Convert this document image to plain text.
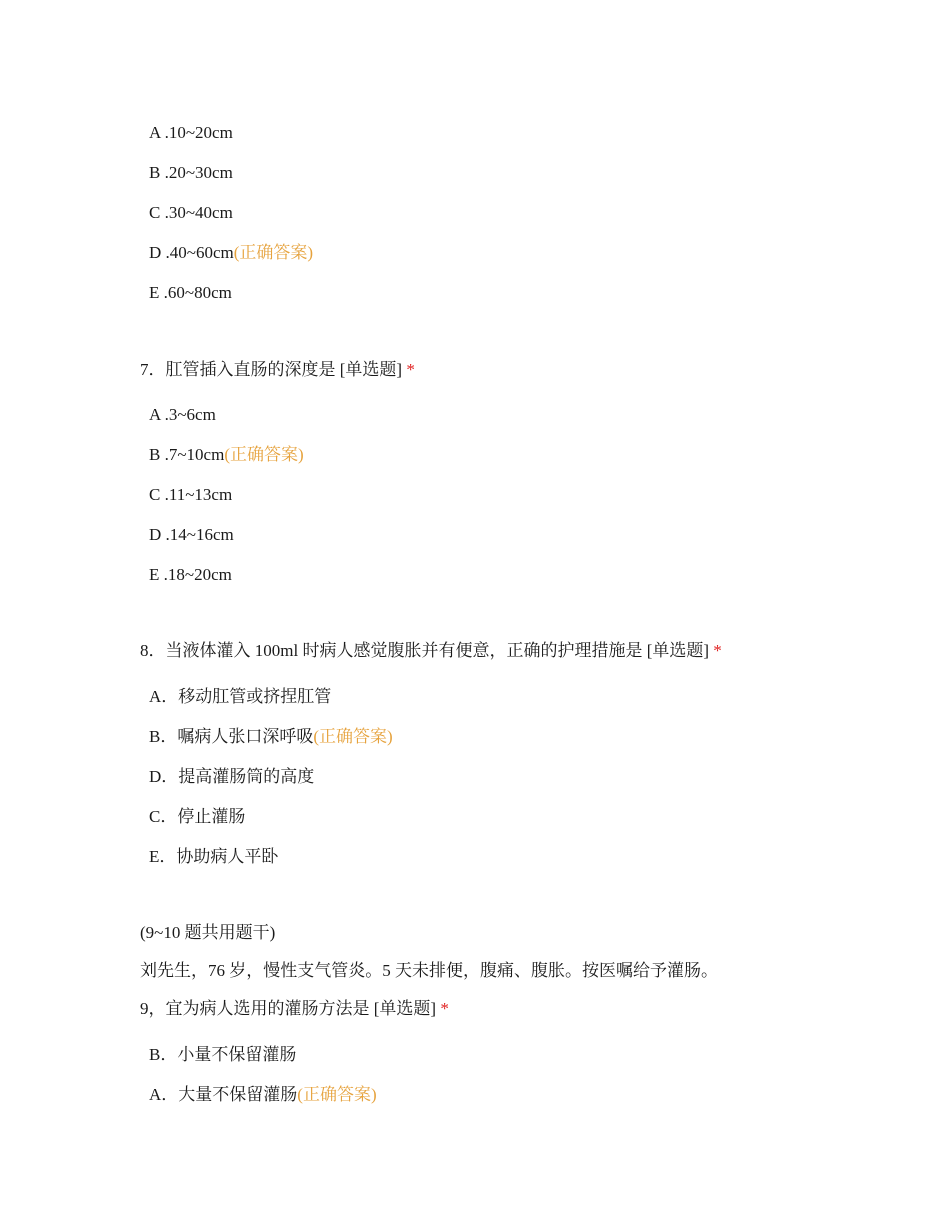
A .10~20cm
B .20~30cm
C .30~40cm
D .40~60cm(正确答案)
E .60~80cm
7．肛管插入直肠的深度是 [单选题] *
A .3~6cm
B .7~10cm(正确答案)
C .11~13cm
D .14~16cm
E .18~20cm
8．当液体灌入 100ml 时病人感觉腹胀并有便意，正确的护理措施是 [单选题] *
A．移动肛管或挤捏肛管
B．嘱病人张口深呼吸(正确答案)
D．提高灌肠筒的高度
C．停止灌肠
E．协助病人平卧
(9~10 题共用题干)
刘先生，76 岁，慢性支气管炎。5 天未排便，腹痛、腹胀。按医嘱给予灌肠。
9，宜为病人选用的灌肠方法是 [单选题] *
B．小量不保留灌肠
A．大量不保留灌肠(正确答案)
